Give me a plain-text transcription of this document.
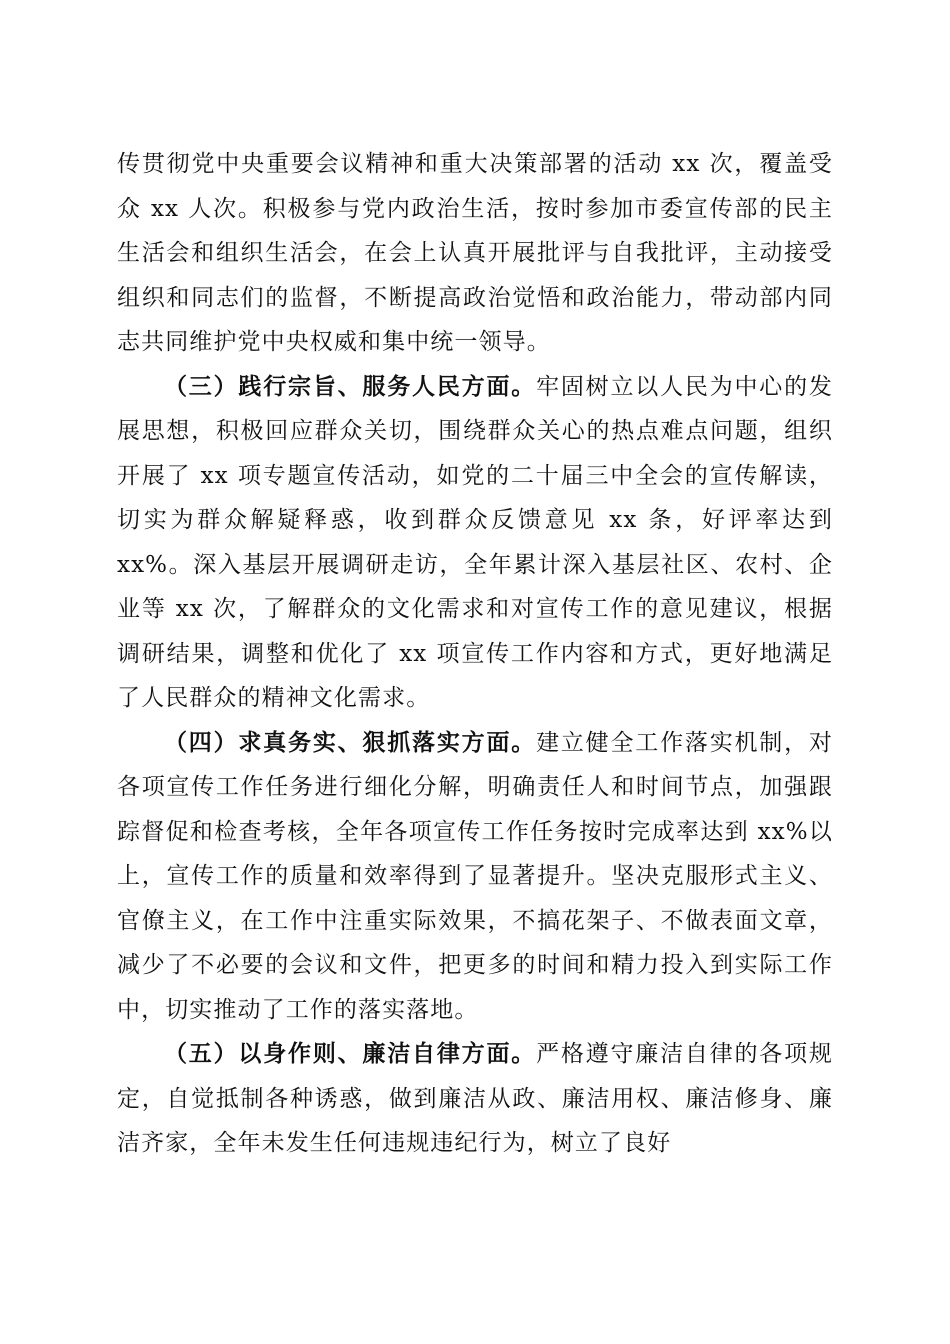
传贯彻党中央重要会议精神和重大决策部署的活动 xx 次，覆盖受众 xx 人次。积极参与党内政治生活，按时参加市委宣传部的民主生活会和组织生活会，在会上认真开展批评与自我批评，主动接受组织和同志们的监督，不断提高政治觉悟和政治能力，带动部内同志共同维护党中央权威和集中统一领导。

（三）践行宗旨、服务人民方面。牢固树立以人民为中心的发展思想，积极回应群众关切，围绕群众关心的热点难点问题，组织开展了 xx 项专题宣传活动，如党的二十届三中全会的宣传解读，切实为群众解疑释惑，收到群众反馈意见 xx 条，好评率达到 xx%。深入基层开展调研走访，全年累计深入基层社区、农村、企业等 xx 次，了解群众的文化需求和对宣传工作的意见建议，根据调研结果，调整和优化了 xx 项宣传工作内容和方式，更好地满足了人民群众的精神文化需求。

（四）求真务实、狠抓落实方面。建立健全工作落实机制，对各项宣传工作任务进行细化分解，明确责任人和时间节点，加强跟踪督促和检查考核，全年各项宣传工作任务按时完成率达到 xx%以上，宣传工作的质量和效率得到了显著提升。坚决克服形式主义、官僚主义，在工作中注重实际效果，不搞花架子、不做表面文章，减少了不必要的会议和文件，把更多的时间和精力投入到实际工作中，切实推动了工作的落实落地。

（五）以身作则、廉洁自律方面。严格遵守廉洁自律的各项规定，自觉抵制各种诱惑，做到廉洁从政、廉洁用权、廉洁修身、廉洁齐家，全年未发生任何违规违纪行为，树立了良好
